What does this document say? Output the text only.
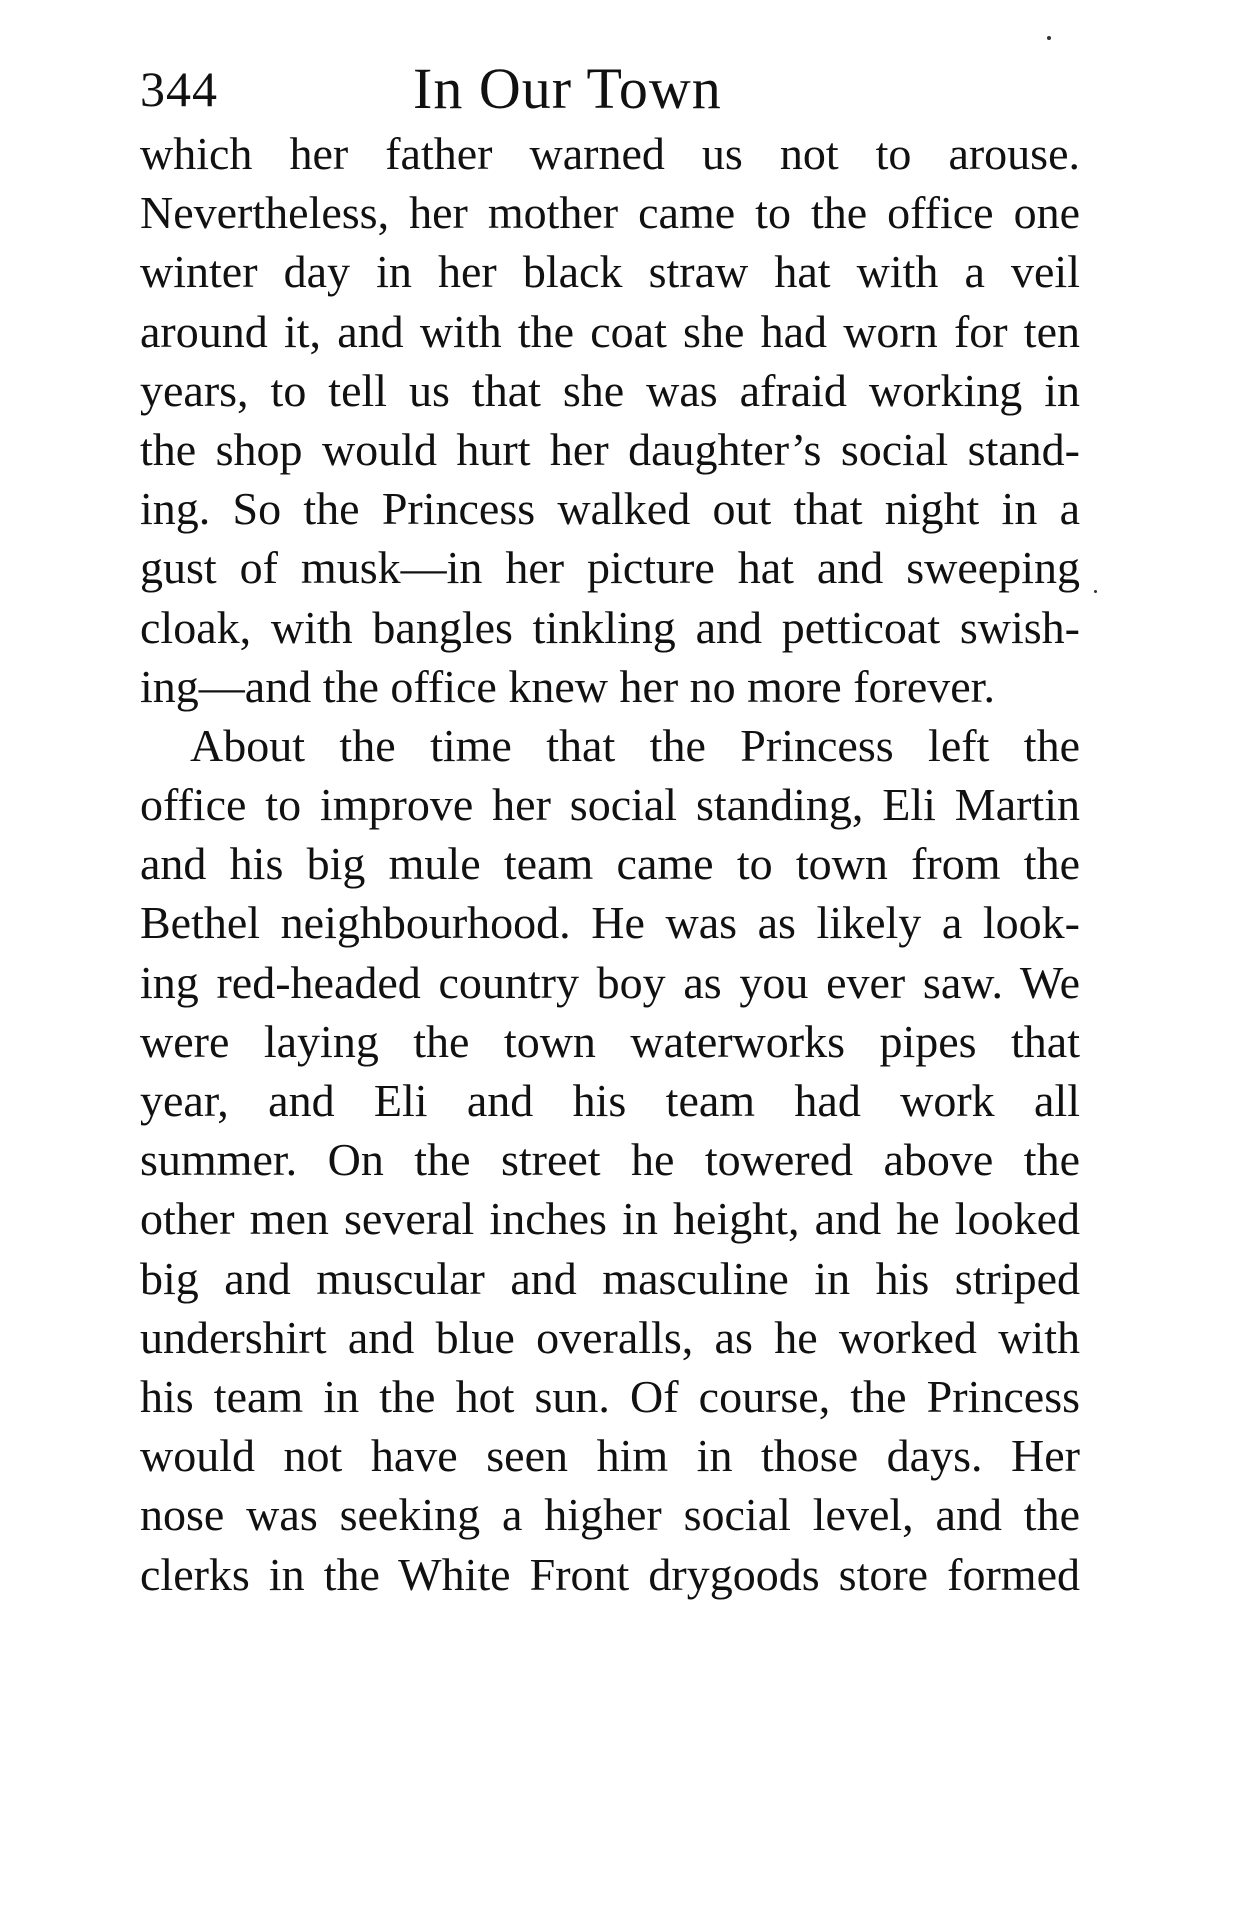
344	In Our Town
which her father warned us not to arouse.
Nevertheless, her mother came to the office one
winter day in her black straw hat with a veil
around it, and with the coat she had worn for ten
years, to tell us that she was afraid working in
the shop would hurt her daughter’s social stand-
ing. So the Princess walked out that night in a
gust of musk—in her picture hat and sweeping
cloak, with bangles tinkling and petticoat swish-
ing—and the office knew her no more forever.
About the time that the Princess left the
office to improve her social standing, Eli Martin
and his big mule team came to town from the
Bethel neighbourhood. He was as likely a look-
ing red-headed country boy as you ever saw. We
were laying the town waterworks pipes that
year, and Eli and his team had work all
summer. On the street he towered above the
other men several inches in height, and he looked
big and muscular and masculine in his striped
undershirt and blue overalls, as he worked with
his team in the hot sun. Of course, the Princess
would not have seen him in those days. Her
nose was seeking a higher social level, and the
clerks in the White Front drygoods store formed
